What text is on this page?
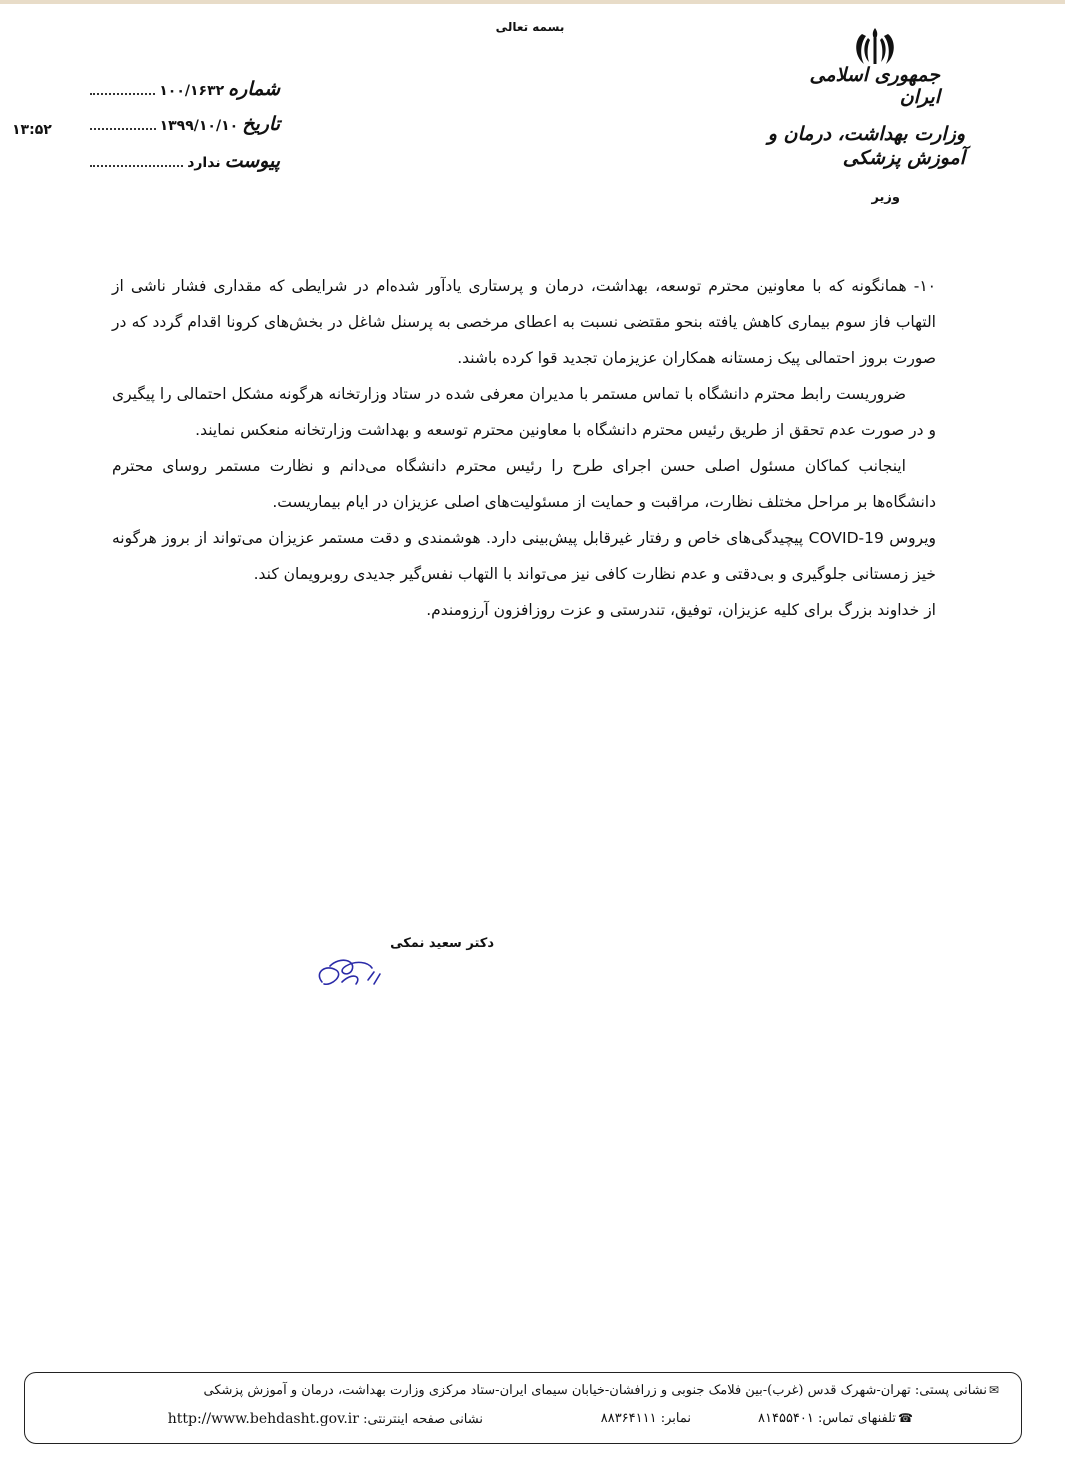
بسمه تعالی
جمهوری اسلامی ایران
وزارت بهداشت، درمان و آموزش پزشکی
وزیر
شماره
۱۰۰/۱۶۳۲
تاریخ
۱۳۹۹/۱۰/۱۰
پیوست
ندارد
۱۳:۵۲

۱۰- همانگونه که با معاونین محترم توسعه، بهداشت، درمان و پرستاری یادآور شده‌ام در شرایطی که مقداری فشار ناشی از التهاب فاز سوم بیماری کاهش یافته بنحو مقتضی نسبت به اعطای مرخصی به پرسنل شاغل در بخش‌های کرونا اقدام گردد که در صورت بروز احتمالی پیک زمستانه همکاران عزیزمان تجدید قوا کرده باشند.

ضروریست رابط محترم دانشگاه با تماس مستمر با مدیران معرفی شده در ستاد وزارتخانه هرگونه مشکل احتمالی را پیگیری و در صورت عدم تحقق از طریق رئیس محترم دانشگاه با معاونین محترم توسعه و بهداشت وزارتخانه منعکس نمایند.

اینجانب کماکان مسئول اصلی حسن اجرای طرح را رئیس محترم دانشگاه می‌دانم و نظارت مستمر روسای محترم دانشگاه‌ها بر مراحل مختلف نظارت، مراقبت و حمایت از مسئولیت‌های اصلی عزیزان در ایام بیماریست.

ویروس COVID-19 پیچیدگی‌های خاص و رفتار غیرقابل پیش‌بینی دارد. هوشمندی و دقت مستمر عزیزان می‌تواند از بروز هرگونه خیز زمستانی جلوگیری و بی‌دقتی و عدم نظارت کافی نیز می‌تواند با التهاب نفس‌گیر جدیدی روبرویمان کند.

از خداوند بزرگ برای کلیه عزیزان، توفیق، تندرستی و عزت روزافزون آرزومندم.

دکتر سعید نمکی
✉نشانی پستی: تهران-شهرک قدس (غرب)-بین فلامک جنوبی و زرافشان-خیابان سیمای ایران-ستاد مرکزی وزارت بهداشت، درمان و آموزش پزشکی
☎تلفنهای تماس: ۸۱۴۵۵۴۰۱
نمابر: ۸۸۳۶۴۱۱۱
نشانی صفحه اینترنتی: http://www.behdasht.gov.ir
